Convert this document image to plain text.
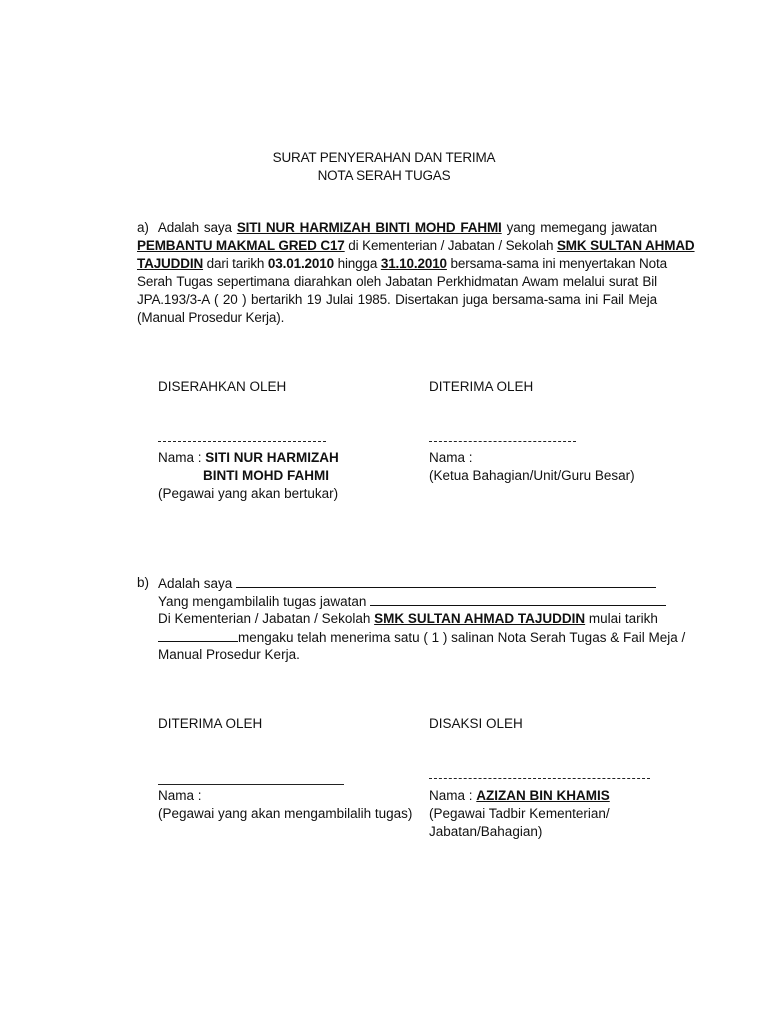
SURAT PENYERAHAN DAN TERIMA
NOTA SERAH TUGAS
a) Adalah saya SITI NUR HARMIZAH BINTI MOHD FAHMI yang memegang jawatan
PEMBANTU MAKMAL GRED C17 di Kementerian / Jabatan / Sekolah SMK SULTAN AHMAD
TAJUDDIN dari tarikh 03.01.2010 hingga 31.10.2010 bersama-sama ini menyertakan Nota
Serah Tugas sepertimana diarahkan oleh Jabatan Perkhidmatan Awam melalui surat Bil
JPA.193/3-A ( 20 ) bertarikh 19 Julai 1985. Disertakan juga bersama-sama ini Fail Meja
(Manual Prosedur Kerja).
DISERAHKAN OLEH	DITERIMA OLEH
Nama : SITI NUR HARMIZAH
BINTI MOHD FAHMI
(Pegawai yang akan bertukar)
Nama :
(Ketua Bahagian/Unit/Guru Besar)
b) Adalah saya
Yang mengambilalih tugas jawatan
Di Kementerian / Jabatan / Sekolah SMK SULTAN AHMAD TAJUDDIN mulai tarikh
mengaku telah menerima satu ( 1 ) salinan Nota Serah Tugas & Fail Meja /
Manual Prosedur Kerja.
DITERIMA OLEH	DISAKSI OLEH
Nama :
(Pegawai yang akan mengambilalih tugas)
Nama : AZIZAN BIN KHAMIS
(Pegawai Tadbir Kementerian/
Jabatan/Bahagian)
